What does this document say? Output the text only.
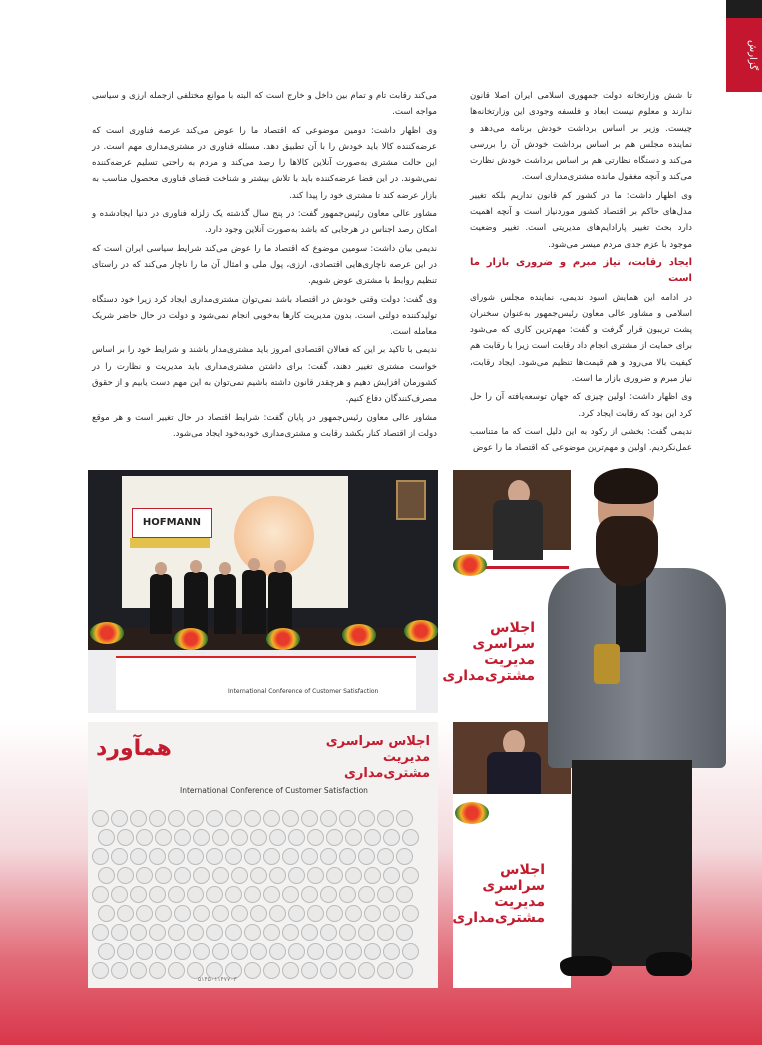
گزارش

تا شش وزارتخانه دولت جمهوری اسلامی ایران اصلا قانون ندارند و معلوم نیست ابعاد و فلسفه وجودی این وزارتخانه‌ها چیست. وزیر بر اساس برداشت خودش برنامه می‌دهد و نماینده مجلس هم بر اساس برداشت خودش آن را بررسی می‌کند و دستگاه نظارتی هم بر اساس برداشت خودش نظارت می‌کند و آنچه مغفول مانده مشتری‌مداری است.

وی اظهار داشت: ما در کشور کم قانون نداریم بلکه تغییر مدل‌های حاکم بر اقتصاد کشور موردنیاز است و آنچه اهمیت دارد بحث تغییر پارادایم‌های مدیریتی است. تغییر وضعیت موجود با عزم جدی مردم میسر می‌شود.

ایجاد رقابت، نیاز مبرم و ضروری بازار ما است

در ادامه این همایش اسود ندیمی، نماینده مجلس شورای اسلامی و مشاور عالی معاون رئیس‌جمهور به‌عنوان سخنران پشت تریبون قرار گرفت و گفت: مهم‌ترین کاری که می‌شود برای حمایت از مشتری انجام داد رقابت است زیرا با رقابت هم کیفیت بالا می‌رود و هم قیمت‌ها تنظیم می‌شود. ایجاد رقابت، نیاز مبرم و ضروری بازار ما است.

وی اظهار داشت: اولین چیزی که جهان توسعه‌یافته آن را حل کرد این بود که رقابت ایجاد کرد.

ندیمی گفت: بخشی از رکود به این دلیل است که ما متناسب عمل‌نکردیم. اولین و مهم‌ترین موضوعی که اقتصاد ما را عوض

می‌کند رقابت تام و تمام بین داخل و خارج است که البته با موانع مختلفی ازجمله ارزی و سیاسی مواجه است.

وی اظهار داشت: دومین موضوعی که اقتصاد ما را عوض می‌کند عرصه فناوری است که عرضه‌کننده کالا باید خودش را با آن تطبیق دهد. مسئله فناوری در مشتری‌مداری مهم است. در این حالت مشتری به‌صورت آنلاین کالاها را رصد می‌کند و مردم به راحتی تسلیم عرضه‌کننده نمی‌شوند. در این فضا عرضه‌کننده باید با تلاش بیشتر و شناخت فضای فناوری محصول مناسب به بازار عرضه کند تا مشتری خود را پیدا کند.

مشاور عالی معاون رئیس‌جمهور گفت: در پنج سال گذشته یک زلزله فناوری در دنیا ایجادشده و امکان رصد اجناس در هرجایی که باشد به‌صورت آنلاین وجود دارد.

ندیمی بیان داشت: سومین موضوع که اقتصاد ما را عوض می‌کند شرایط سیاسی ایران است که در این عرصه ناچاری‌هایی اقتصادی، ارزی، پول ملی و امثال آن ما را ناچار می‌کند که در راستای تنظیم روابط با مشتری عوض شویم.

وی گفت: دولت وقتی خودش در اقتصاد باشد نمی‌توان مشتری‌مداری ایجاد کرد زیرا خود دستگاه تولیدکننده دولتی است. بدون مدیریت کارها به‌خوبی انجام نمی‌شود و دولت در حال حاضر شریک معامله است.

ندیمی با تاکید بر این که فعالان اقتصادی امروز باید مشتری‌مدار باشند و شرایط خود را بر اساس خواست مشتری تغییر دهند، گفت: برای داشتن مشتری‌مداری باید مدیریت و نظارت را در کشورمان افزایش دهیم و هرچقدر قانون داشته باشیم نمی‌توان به این مهم دست یابیم و از حقوق مصرف‌کنندگان دفاع کنیم.

مشاور عالی معاون رئیس‌جمهور در پایان گفت: شرایط اقتصاد در حال تغییر است و هر موقع دولت از اقتصاد کنار بکشد رقابت و مشتری‌مداری خودبه‌خود ایجاد می‌شود.

HOFMANN
International Conference of Customer Satisfaction
اجلاس سراسری مدیریت مشتری‌مداری
همآورد	اجلاس سراسری مدیریت مشتری‌مداری
International Conference of Customer Satisfaction
۵۱۴۵۰۱۱۴۷۷۰۳
اجلاس سراسری مدیریت مشتری‌مداری
